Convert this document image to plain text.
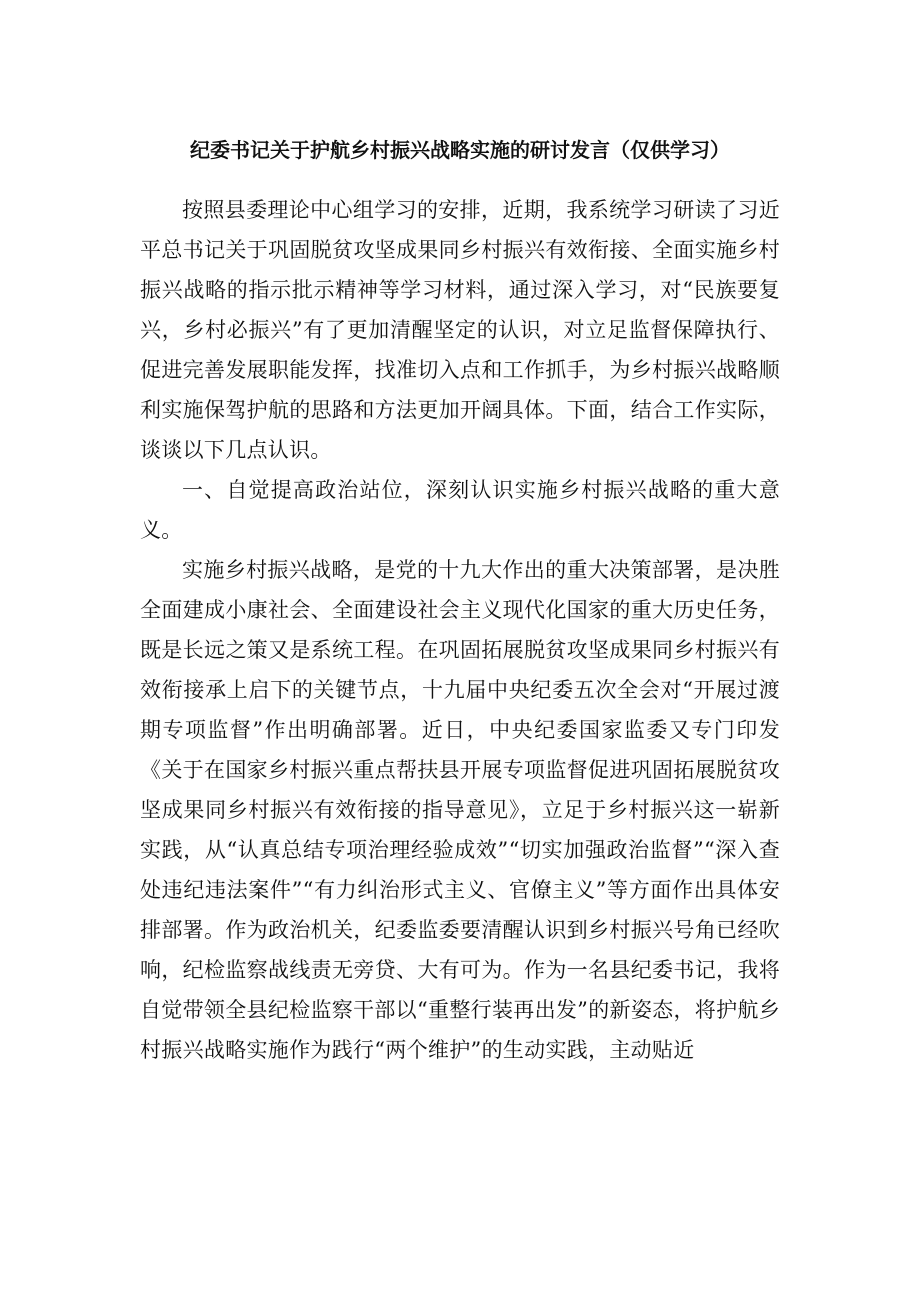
纪委书记关于护航乡村振兴战略实施的研讨发言（仅供学习）

按照县委理论中心组学习的安排，近期，我系统学习研读了习近平总书记关于巩固脱贫攻坚成果同乡村振兴有效衔接、全面实施乡村振兴战略的指示批示精神等学习材料，通过深入学习，对“民族要复兴，乡村必振兴”有了更加清醒坚定的认识，对立足监督保障执行、促进完善发展职能发挥，找准切入点和工作抓手，为乡村振兴战略顺利实施保驾护航的思路和方法更加开阔具体。下面，结合工作实际，谈谈以下几点认识。

一、自觉提高政治站位，深刻认识实施乡村振兴战略的重大意义。

实施乡村振兴战略，是党的十九大作出的重大决策部署，是决胜全面建成小康社会、全面建设社会主义现代化国家的重大历史任务，既是长远之策又是系统工程。在巩固拓展脱贫攻坚成果同乡村振兴有效衔接承上启下的关键节点，十九届中央纪委五次全会对“开展过渡期专项监督”作出明确部署。近日，中央纪委国家监委又专门印发《关于在国家乡村振兴重点帮扶县开展专项监督促进巩固拓展脱贫攻坚成果同乡村振兴有效衔接的指导意见》，立足于乡村振兴这一崭新实践，从“认真总结专项治理经验成效”“切实加强政治监督”“深入查处违纪违法案件”“有力纠治形式主义、官僚主义”等方面作出具体安排部署。作为政治机关，纪委监委要清醒认识到乡村振兴号角已经吹响，纪检监察战线责无旁贷、大有可为。作为一名县纪委书记，我将自觉带领全县纪检监察干部以“重整行装再出发”的新姿态，将护航乡村振兴战略实施作为践行“两个维护”的生动实践，主动贴近
